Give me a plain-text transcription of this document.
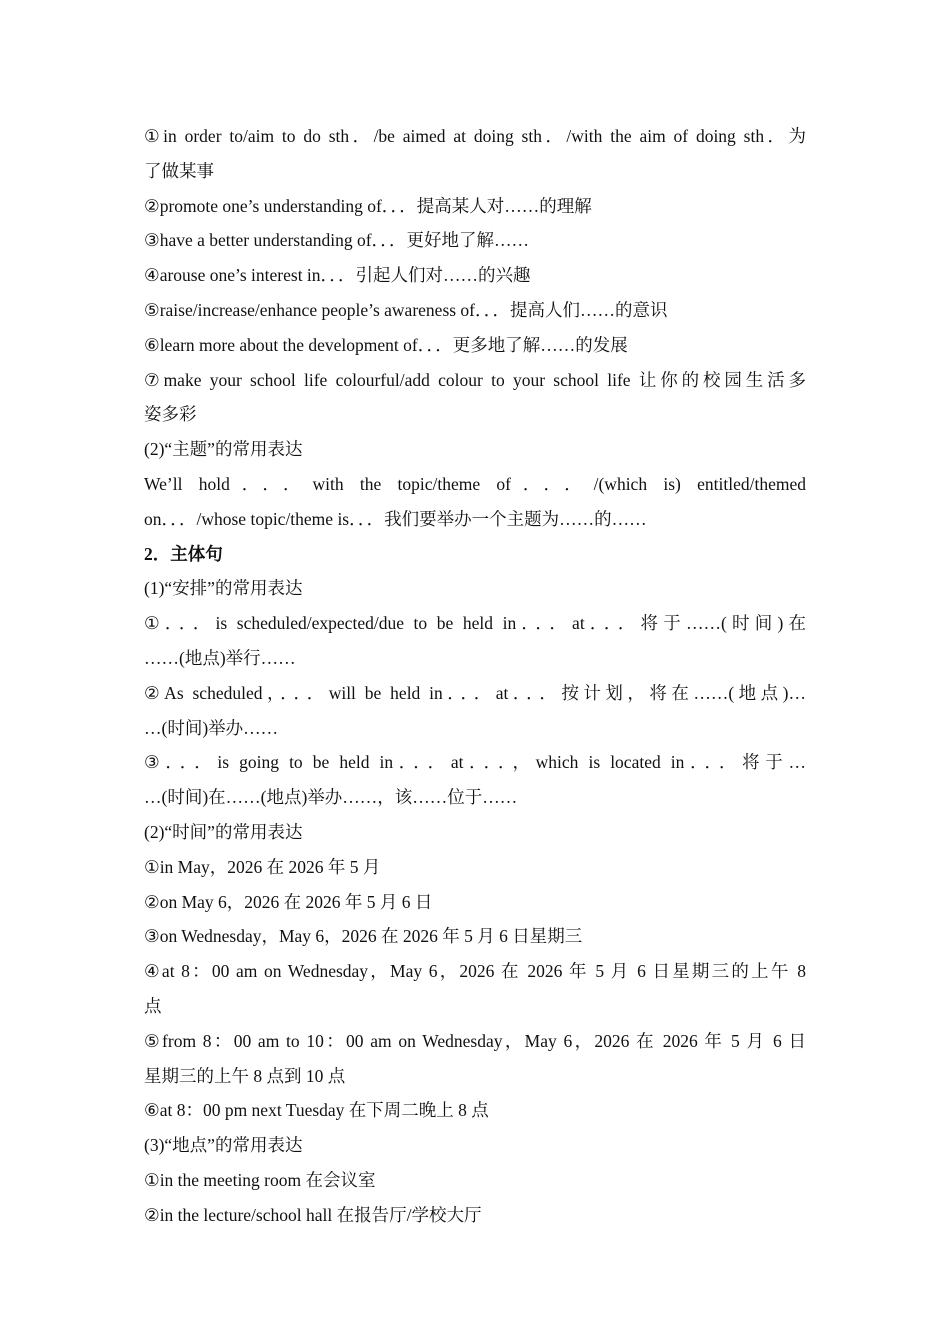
①in order to/aim to do sth．/be aimed at doing sth．/with the aim of doing sth．为
了做某事
②promote one’s understanding of．．．提高某人对……的理解
③have a better understanding of．．．更好地了解……
④arouse one’s interest in．．．引起人们对……的兴趣
⑤raise/increase/enhance people’s awareness of．．．提高人们……的意识
⑥learn more about the development of．．．更多地了解……的发展
⑦make your school life colourful/add colour to your school life 让你的校园生活多
姿多彩
(2)“主题”的常用表达
We’ll hold．．．with the topic/theme of．．．/(which is) entitled/themed
on．．．/whose topic/theme is．．．我们要举办一个主题为……的……
2．主体句
(1)“安排”的常用表达
①．．．is scheduled/expected/due to be held in．．．at．．．将于……(时间)在
……(地点)举行……
②As scheduled，．．．will be held in．．．at．．．按计划，将在……(地点)…
…(时间)举办……
③．．．is going to be held in．．．at．．．，which is located in．．．将于…
…(时间)在……(地点)举办……，该……位于……
(2)“时间”的常用表达
①in May，2026 在 2026 年 5 月
②on May 6，2026 在 2026 年 5 月 6 日
③on Wednesday，May 6，2026 在 2026 年 5 月 6 日星期三
④at 8：00 am on Wednesday，May 6，2026 在 2026 年 5 月 6 日星期三的上午 8
点
⑤from 8：00 am to 10：00 am on Wednesday，May 6，2026 在 2026 年 5 月 6 日
星期三的上午 8 点到 10 点
⑥at 8：00 pm next Tuesday 在下周二晚上 8 点
(3)“地点”的常用表达
①in the meeting room 在会议室
②in the lecture/school hall 在报告厅/学校大厅
